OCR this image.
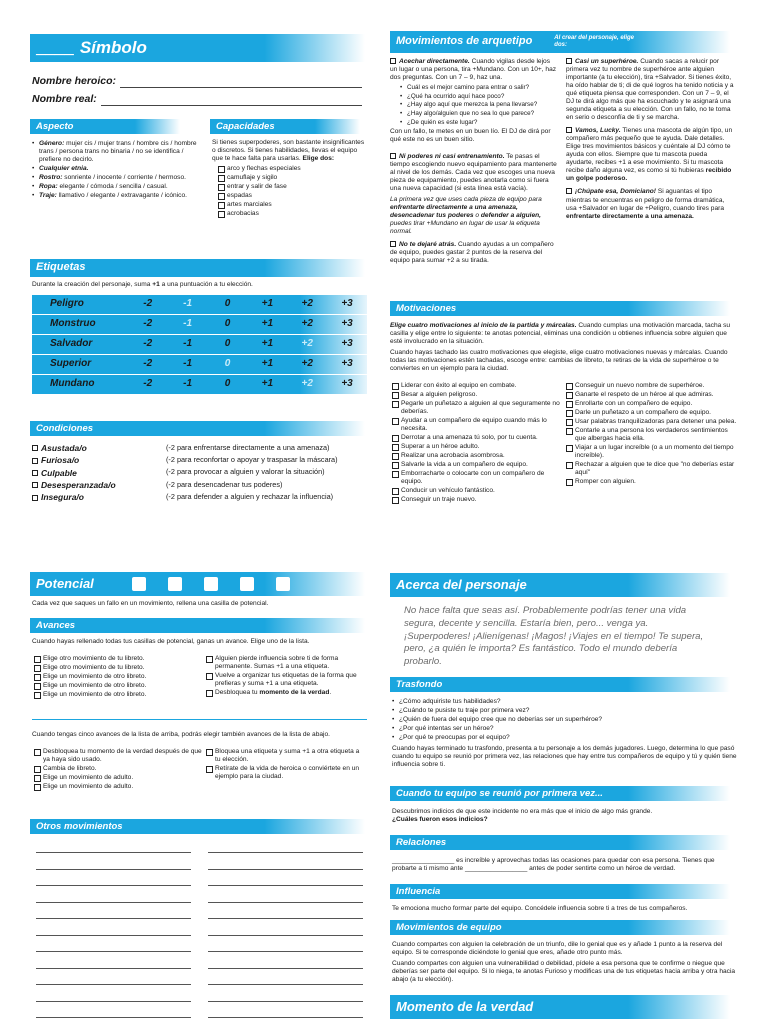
____ Símbolo
Nombre heroico:
Nombre real:
Aspecto
• Género: mujer cis / mujer trans / hombre cis / hombre trans / persona trans no binaria / no se identifica / prefiere no decirlo.
• Cualquier etnia.
• Rostro: sonriente / inocente / corriente / hermoso.
• Ropa: elegante / cómoda / sencilla / casual.
• Traje: llamativo / elegante / extravagante / icónico.
Capacidades

Si tienes superpoderes, son bastante insignificantes o discretos. Si tienes habilidades, llevas el equipo que te hace falta para usarlas. Elige dos:

arco y flechas especiales
camuflaje y sigilo
entrar y salir de fase
espadas
artes marciales
acrobacias
Etiquetas
Durante la creación del personaje, suma +1 a una puntuación a tu elección.
Peligro	-2	-1	0	+1	+2	+3
Monstruo	-2	-1	0	+1	+2	+3
Salvador	-2	-1	0	+1	+2	+3
Superior	-2	-1	0	+1	+2	+3
Mundano	-2	-1	0	+1	+2	+3
Condiciones
Asustada/o	(-2 para enfrentarse directamente a una amenaza)
Furiosa/o	(-2 para reconfortar o apoyar y traspasar la máscara)
Culpable	(-2 para provocar a alguien y valorar la situación)
Desesperanzada/o	(-2 para desencadenar tus poderes)
Insegura/o	(-2 para defender a alguien y rechazar la influencia)
Movimientos de arquetipo	Al crear del personaje, elige dos:

Acechar directamente. Cuando vigilas desde lejos un lugar o una persona, tira +Mundano. Con un 10+, haz dos preguntas. Con un 7 – 9, haz una.

• Cuál es el mejor camino para entrar o salir?
• ¿Qué ha ocurrido aquí hace poco?
• ¿Hay algo aquí que merezca la pena llevarse?
• ¿Hay algo/alguien que no sea lo que parece?
• ¿De quién es este lugar?

Con un fallo, te metes en un buen lío. El DJ de dirá por qué este no es un buen sitio.

Ni poderes ni casi entrenamiento. Te pasas el tiempo escogiendo nuevo equipamiento para mantenerte al nivel de los demás. Cada vez que escoges una nueva pieza de equipamiento, puedes anotarla como si fuera una nueva capacidad (si esta línea está vacía).

La primera vez que uses cada pieza de equipo para enfrentarte directamente a una amenaza, desencadenar tus poderes o defender a alguien, puedes tirar +Mundano en lugar de usar la etiqueta normal.

No te dejaré atrás. Cuando ayudas a un compañero de equipo, puedes gastar 2 puntos de la reserva del equipo para sumar +2 a su tirada.

Casi un superhéroe. Cuando sacas a relucir por primera vez tu nombre de superhéroe ante alguien importante (a tu elección), tira +Salvador. Si tienes éxito, ha oído hablar de ti; di de qué logros ha tenido noticia y a qué etiqueta piensa que corresponden. Con un 7 – 9, el DJ te dirá algo más que ha escuchado y te asignará una segunda etiqueta a su elección. Con un fallo, no te toma en serio o desconfía de ti y se marcha.

Vamos, Lucky. Tienes una mascota de algún tipo, un compañero más pequeño que te ayuda. Dale detalles. Elige tres movimientos básicos y cuéntale al DJ cómo te ayuda con ellos. Siempre que tu mascota pueda ayudarte, recibes +1 a ese movimiento. Si tu mascota recibe daño alguna vez, es como si tú hubieras recibido un golpe poderoso.

¡Chúpate esa, Domiciano! Si aguantas el tipo mientras te encuentras en peligro de forma dramática, usa +Salvador en lugar de +Peligro, cuando tires para enfrentarte directamente a una amenaza.

Motivaciones

Elige cuatro motivaciones al inicio de la partida y márcalas. Cuando cumplas una motivación marcada, tacha su casilla y elige entre lo siguiente: te anotas potencial, eliminas una condición u obtienes influencia sobre alguien que esté involucrado en la situación.

Cuando hayas tachado las cuatro motivaciones que elegiste, elige cuatro motivaciones nuevas y márcalas. Cuando todas las motivaciones estén tachadas, escoge entre: cambias de libreto, te retiras de la vida de superhéroe o te conviertes en un ejemplo para la ciudad.

Liderar con éxito al equipo en combate.
Besar a alguien peligroso.
Pegarle un puñetazo a alguien al que seguramente no deberías.
Ayudar a un compañero de equipo cuando más lo necesita.
Derrotar a una amenaza tú solo, por tu cuenta.
Superar a un héroe adulto.
Realizar una acrobacia asombrosa.
Salvarle la vida a un compañero de equipo.
Emborracharte o colocarte con un compañero de equipo.
Conducir un vehículo fantástico.
Conseguir un traje nuevo.
Conseguir un nuevo nombre de superhéroe.
Ganarte el respeto de un héroe al que admiras.
Enrollarte con un compañero de equipo.
Darle un puñetazo a un compañero de equipo.
Usar palabras tranquilizadoras para detener una pelea.
Contarle a una persona los verdaderos sentimientos que albergas hacia ella.
Viajar a un lugar increíble (o a un momento del tiempo increíble).
Rechazar a alguien que te dice que "no deberías estar aquí"
Romper con alguien.
Potencial
Cada vez que saques un fallo en un movimiento, rellena una casilla de potencial.
Avances
Cuando hayas rellenado todas tus casillas de potencial, ganas un avance. Elige uno de la lista.
Elige otro movimiento de tu libreto.
Elige otro movimiento de tu libreto.
Elige un movimiento de otro libreto.
Elige un movimiento de otro libreto.
Elige un movimiento de otro libreto.
Alguien pierde influencia sobre ti de forma permanente. Sumas +1 a una etiqueta.
Vuelve a organizar tus etiquetas de la forma que prefieras y suma +1 a una etiqueta.
Desbloquea tu momento de la verdad.
Cuando tengas cinco avances de la lista de arriba, podrás elegir también avances de la lista de abajo.
Desbloquea tu momento de la verdad después de que ya haya sido usado.
Cambia de libreto.
Elige un movimiento de adulto.
Elige un movimiento de adulto.
Bloquea una etiqueta y suma +1 a otra etiqueta a tu elección.
Retírate de la vida de heroica o conviértete en un ejemplo para la ciudad.
Otros movimientos
Acerca del personaje
No hace falta que seas así. Probablemente podrías tener una vida segura, decente y sencilla. Estaría bien, pero... venga ya. ¡Superpoderes! ¡Alienígenas! ¡Magos! ¡Viajes en el tiempo! Te supera, pero, ¿a quién le importa? Es fantástico. Todo el mundo debería probarlo.
Trasfondo
• ¿Cómo adquiriste tus habilidades?
• ¿Cuándo te pusiste tu traje por primera vez?
• ¿Quién de fuera del equipo cree que no deberías ser un superhéroe?
• ¿Por qué intentas ser un héroe?
• ¿Por qué te preocupas por el equipo?

Cuando hayas terminado tu trasfondo, presenta a tu personaje a los demás jugadores. Luego, determina lo que pasó cuando tu equipo se reunió por primera vez, las relaciones que hay entre tus compañeros de equipo y tú y quién tiene influencia sobre ti.

Cuando tu equipo se reunió por primera vez...

Descubrimos indicios de que este incidente no era más que el inicio de algo más grande.

¿Cuáles fueron esos indicios?

Relaciones
_________________ es increíble y aprovechas todas las ocasiones para quedar con esa persona. Tienes que probarte a ti mismo ante _________________ antes de poder sentirte como un héroe de verdad.
Influencia
Te emociona mucho formar parte del equipo. Concédele influencia sobre ti a tres de tus compañeros.
Movimientos de equipo

Cuando compartes con alguien la celebración de un triunfo, dile lo genial que es y añade 1 punto a la reserva del equipo. Si te corresponde diciéndote lo genial que eres, añade otro punto más.

Cuando compartes con alguien una vulnerabilidad o debilidad, pídele a esa persona que te confirme o niegue que deberías ser parte del equipo. Si lo niega, te anotas Furioso y modificas una de tus etiquetas hacia arriba y otra hacia abajo (a tu elección).

Momento de la verdad
